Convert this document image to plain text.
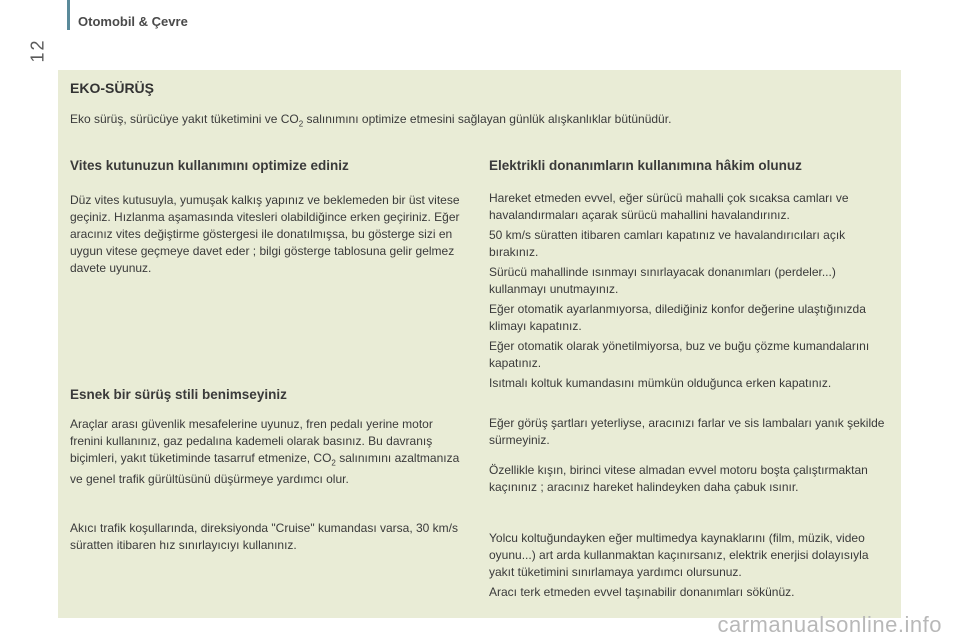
Otomobil & Çevre
12
EKO-SÜRÜŞ
Eko sürüş, sürücüye yakıt tüketimini ve $CO_2$ salınımını optimize etmesini sağlayan günlük alışkanlıklar bütünüdür.
Vites kutunuzun kullanımını optimize ediniz

Düz vites kutusuyla, yumuşak kalkış yapınız ve beklemeden bir üst vitese geçiniz. Hızlanma aşamasında vitesleri olabildiğince erken geçiriniz. Eğer aracınız vites değiştirme göstergesi ile donatılmışsa, bu gösterge sizi en uygun vitese geçmeye davet eder ; bilgi gösterge tablosuna gelir gelmez davete uyunuz.

Esnek bir sürüş stili benimseyiniz

Araçlar arası güvenlik mesafelerine uyunuz, fren pedalı yerine motor frenini kullanınız, gaz pedalına kademeli olarak basınız. Bu davranış biçimleri, yakıt tüketiminde tasarruf etmenize, $CO_2$ salınımını azaltmanıza ve genel trafik gürültüsünü düşürmeye yardımcı olur.

Akıcı trafik koşullarında, direksiyonda "Cruise" kumandası varsa, 30 km/s süratten itibaren hız sınırlayıcıyı kullanınız.

Elektrikli donanımların kullanımına hâkim olunuz

Hareket etmeden evvel, eğer sürücü mahalli çok sıcaksa camları ve havalandırmaları açarak sürücü mahallini havalandırınız.

50 km/s süratten itibaren camları kapatınız ve havalandırıcıları açık bırakınız.

Sürücü mahallinde ısınmayı sınırlayacak donanımları (perdeler...) kullanmayı unutmayınız.

Eğer otomatik ayarlanmıyorsa, dilediğiniz konfor değerine ulaştığınızda klimayı kapatınız.

Eğer otomatik olarak yönetilmiyorsa, buz ve buğu çözme kumandalarını kapatınız.

Isıtmalı koltuk kumandasını mümkün olduğunca erken kapatınız.

Eğer görüş şartları yeterliyse, aracınızı farlar ve sis lambaları yanık şekilde sürmeyiniz.

Özellikle kışın, birinci vitese almadan evvel motoru boşta çalıştırmaktan kaçınınız ; aracınız hareket halindeyken daha çabuk ısınır.

Yolcu koltuğundayken eğer multimedya kaynaklarını (film, müzik, video oyunu...) art arda kullanmaktan kaçınırsanız, elektrik enerjisi dolayısıyla yakıt tüketimini sınırlamaya yardımcı olursunuz.

Aracı terk etmeden evvel taşınabilir donanımları sökünüz.

carmanualsonline.info
